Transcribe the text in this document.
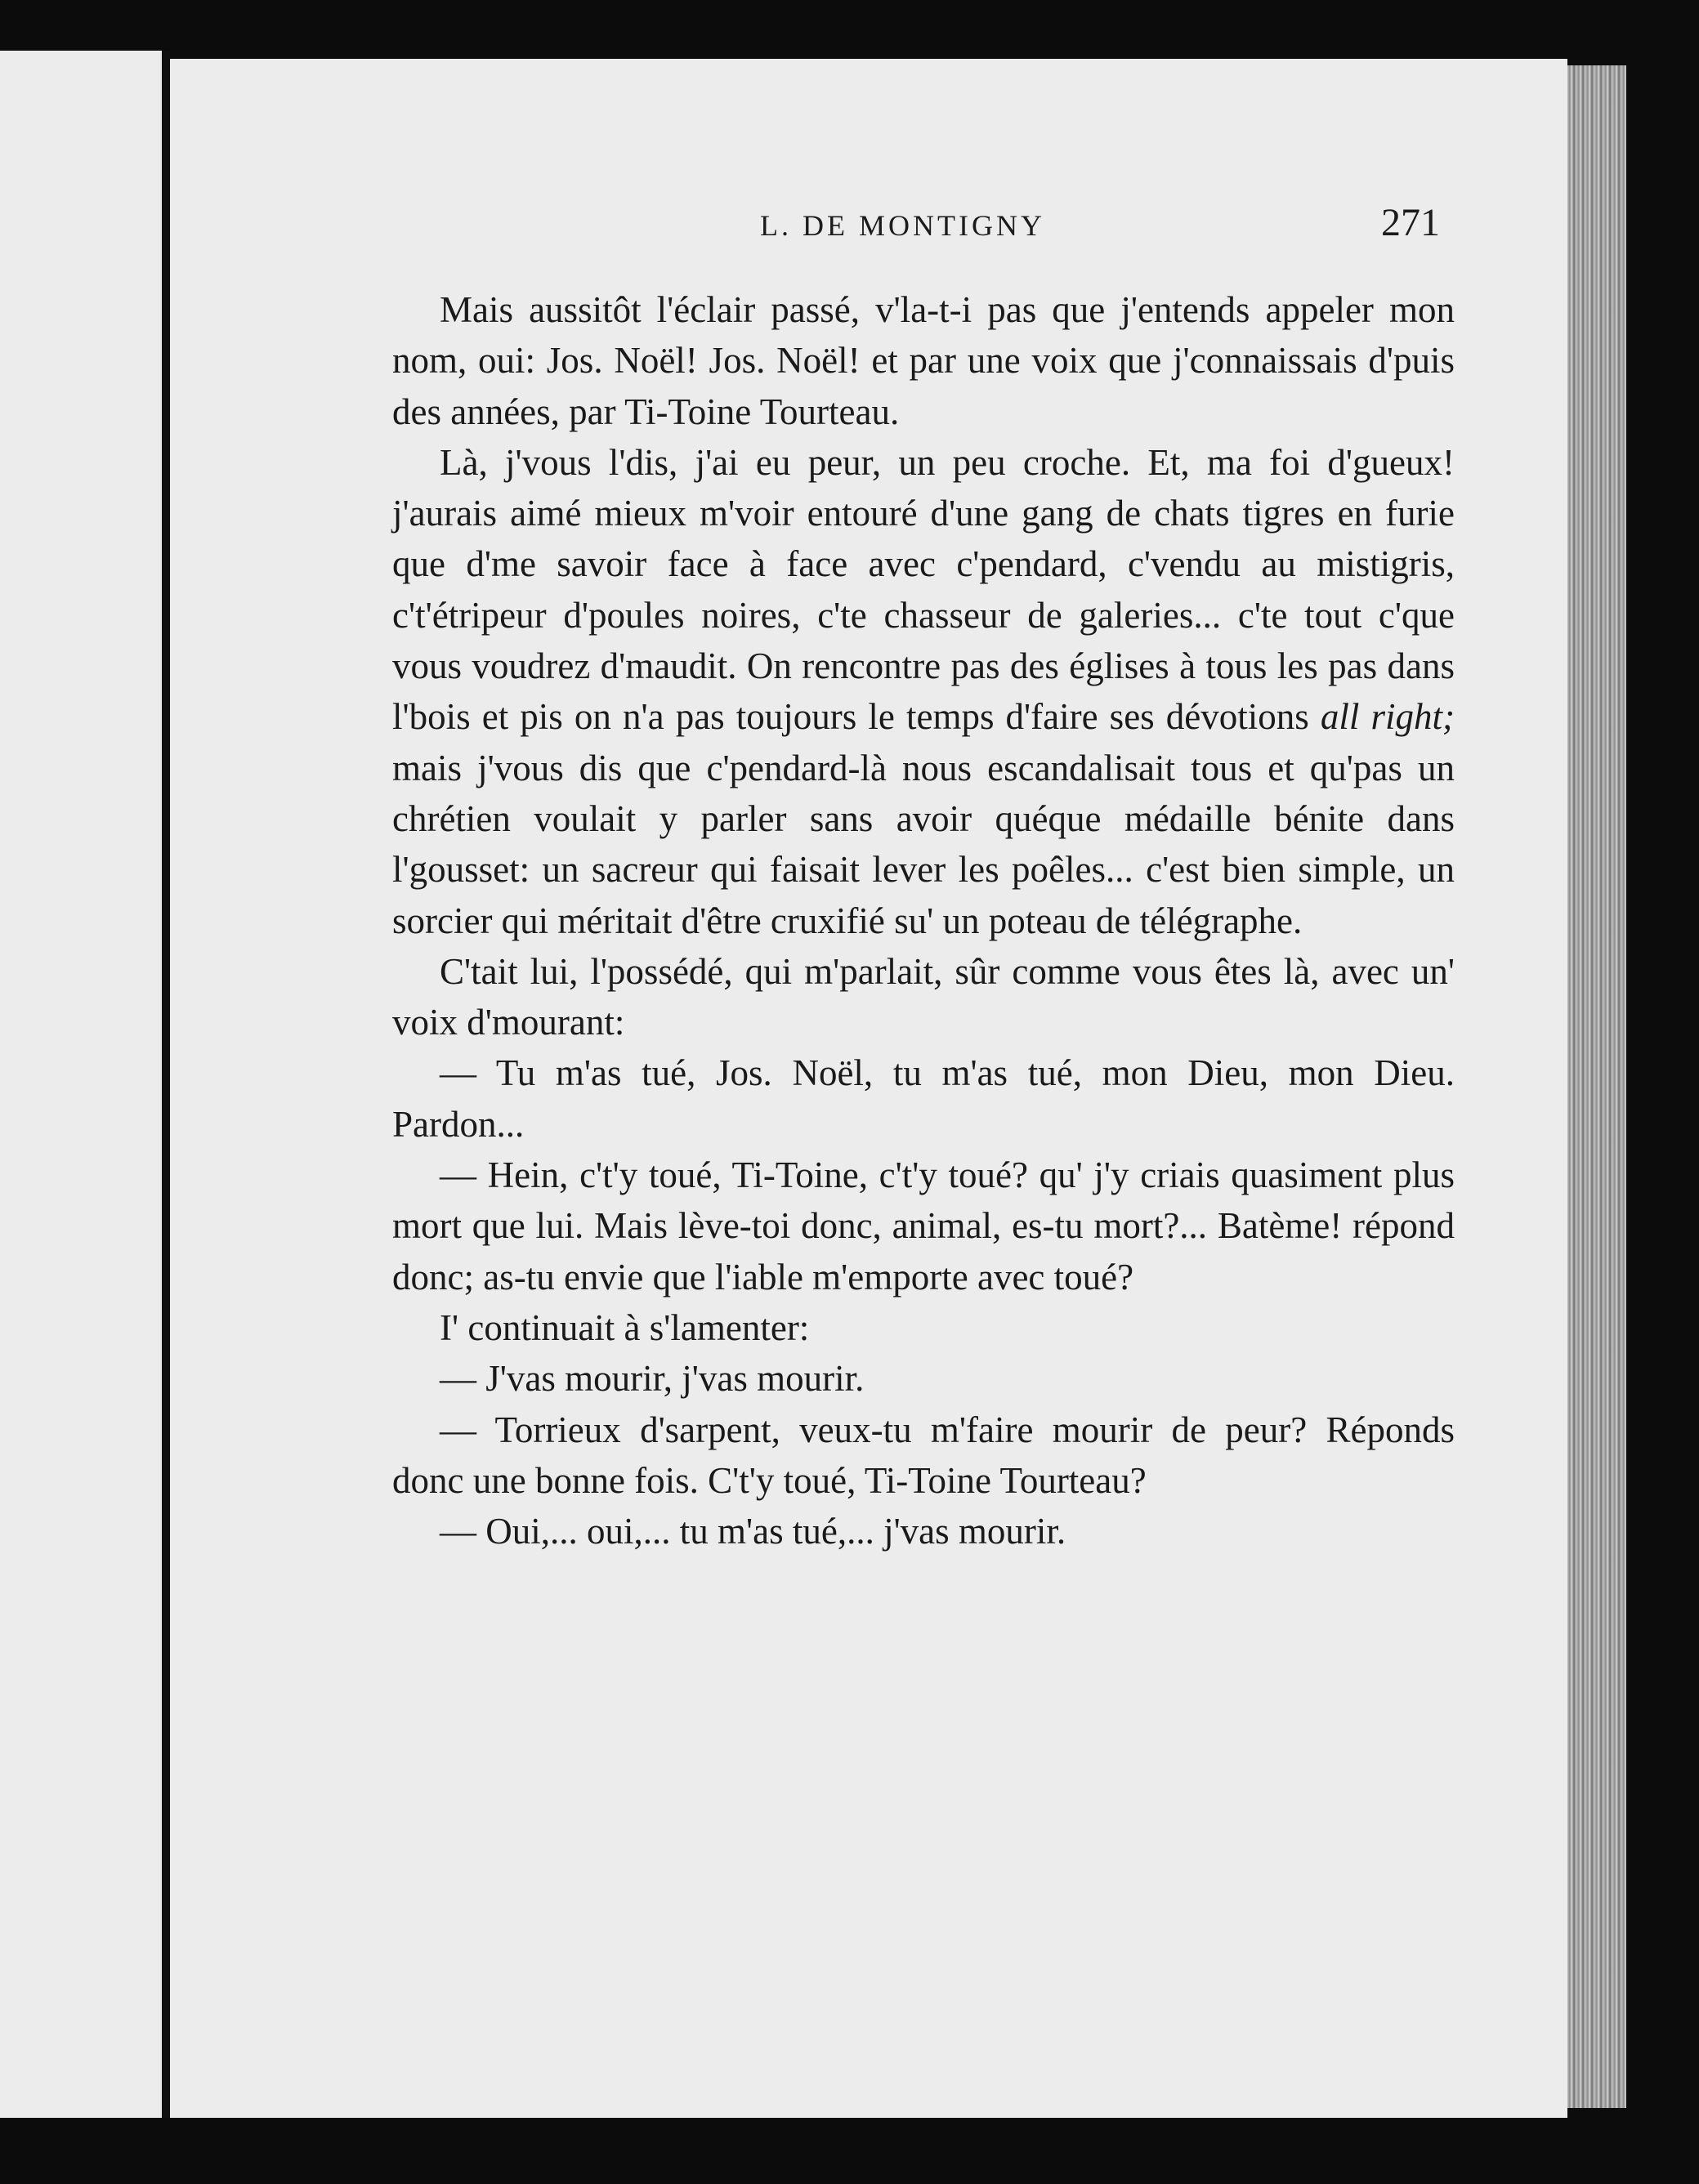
L. DE MONTIGNY	271

Mais aussitôt l'éclair passé, v'la-t-i pas que j'entends appeler mon nom, oui: Jos. Noël! Jos. Noël! et par une voix que j'connaissais d'puis des années, par Ti-Toine Tourteau.

Là, j'vous l'dis, j'ai eu peur, un peu croche. Et, ma foi d'gueux! j'aurais aimé mieux m'voir entouré d'une gang de chats tigres en furie que d'me savoir face à face avec c'pendard, c'vendu au mistigris, c't'étripeur d'poules noires, c'te chasseur de galeries... c'te tout c'que vous voudrez d'maudit. On rencontre pas des églises à tous les pas dans l'bois et pis on n'a pas toujours le temps d'faire ses dévotions all right; mais j'vous dis que c'pendard-là nous escandalisait tous et qu'pas un chrétien voulait y parler sans avoir quéque médaille bénite dans l'gousset: un sacreur qui faisait lever les poêles... c'est bien simple, un sorcier qui méritait d'être cruxifié su' un poteau de télégraphe.

C'tait lui, l'possédé, qui m'parlait, sûr comme vous êtes là, avec un' voix d'mourant:

— Tu m'as tué, Jos. Noël, tu m'as tué, mon Dieu, mon Dieu. Pardon...

— Hein, c't'y toué, Ti-Toine, c't'y toué? qu' j'y criais quasiment plus mort que lui. Mais lève-toi donc, animal, es-tu mort?... Batème! répond donc; as-tu envie que l'iable m'emporte avec toué?

I' continuait à s'lamenter:

— J'vas mourir, j'vas mourir.

— Torrieux d'sarpent, veux-tu m'faire mourir de peur? Réponds donc une bonne fois. C't'y toué, Ti-Toine Tourteau?

— Oui,... oui,... tu m'as tué,... j'vas mourir.
